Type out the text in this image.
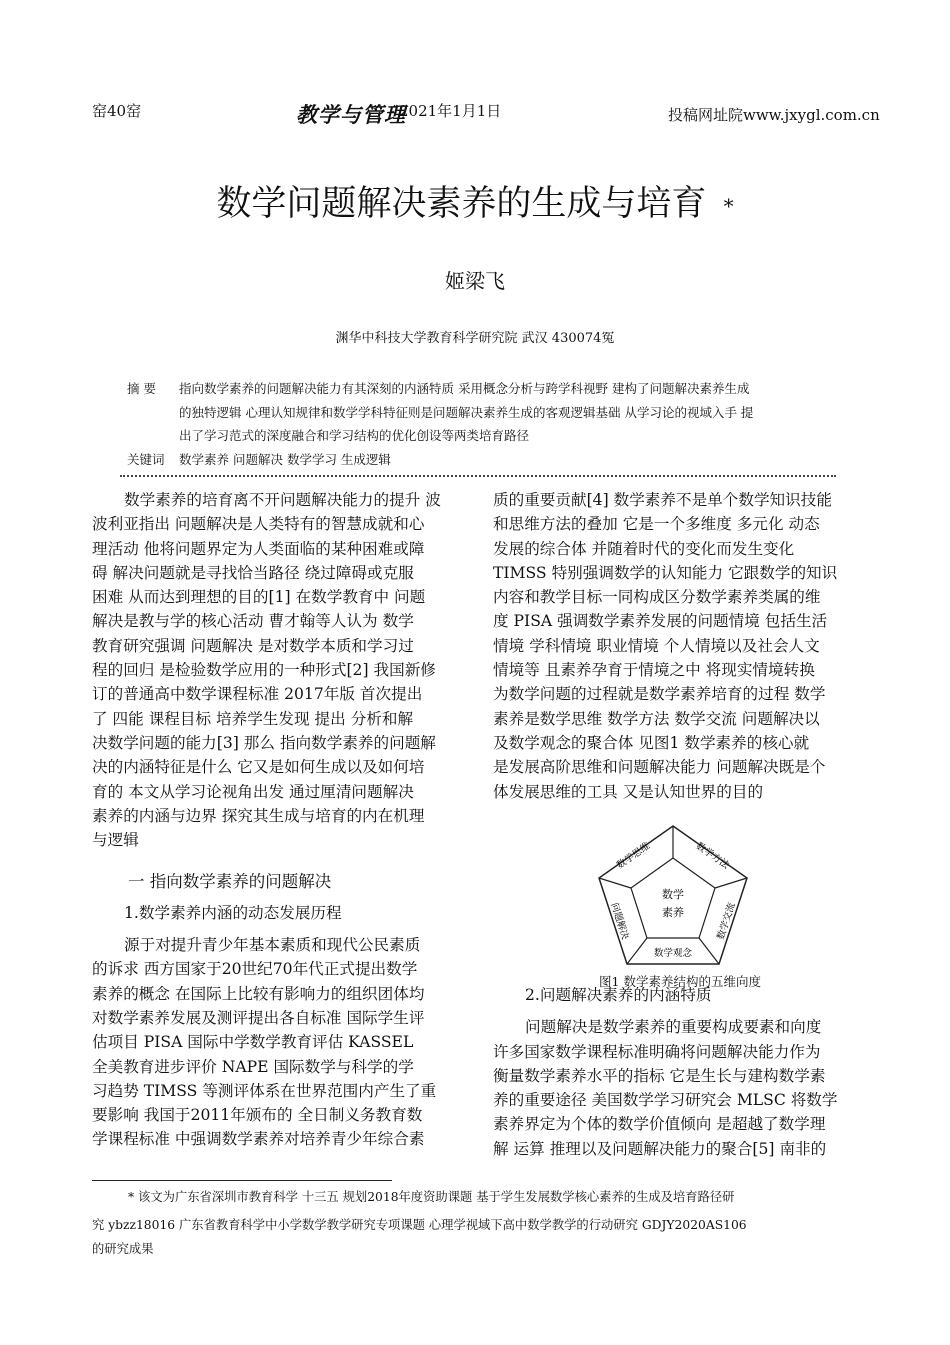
窑40窑	教学与管理
2021年1月1日	投稿网址院www.jxygl.com.cn
数学问题解决素养的生成与培育 *
姬梁飞
渊华中科技大学教育科学研究院 武汉 430074冤
摘 要 指向数学素养的问题解决能力有其深刻的内涵特质 采用概念分析与跨学科视野 建构了问题解决素养生成
的独特逻辑 心理认知规律和数学学科特征则是问题解决素养生成的客观逻辑基础 从学习论的视域入手 提
出了学习范式的深度融合和学习结构的优化创设等两类培育路径
关键词 数学素养 问题解决 数学学习 生成逻辑
数学素养的培育离不开问题解决能力的提升 波
波利亚指出 问题解决是人类特有的智慧成就和心
理活动 他将问题界定为人类面临的某种困难或障
碍 解决问题就是寻找恰当路径 绕过障碍或克服
困难 从而达到理想的目的[1] 在数学教育中 问题
解决是教与学的核心活动 曹才翰等人认为 数学
教育研究强调 问题解决 是对数学本质和学习过
程的回归 是检验数学应用的一种形式[2] 我国新修
订的普通高中数学课程标准 2017年版 首次提出
了 四能 课程目标 培养学生发现 提出 分析和解
决数学问题的能力[3] 那么 指向数学素养的问题解
决的内涵特征是什么 它又是如何生成以及如何培
育的 本文从学习论视角出发 通过厘清问题解决
素养的内涵与边界 探究其生成与培育的内在机理
与逻辑
一 指向数学素养的问题解决
1.数学素养内涵的动态发展历程
源于对提升青少年基本素质和现代公民素质
的诉求 西方国家于20世纪70年代正式提出数学
素养的概念 在国际上比较有影响力的组织团体均
对数学素养发展及测评提出各自标准 国际学生评
估项目 PISA 国际中学数学教育评估 KASSEL
全美教育进步评价 NAPE 国际数学与科学的学
习趋势 TIMSS 等测评体系在世界范围内产生了重
要影响 我国于2011年颁布的 全日制义务教育数
学课程标准 中强调数学素养对培养青少年综合素
质的重要贡献[4] 数学素养不是单个数学知识技能
和思维方法的叠加 它是一个多维度 多元化 动态
发展的综合体 并随着时代的变化而发生变化
TIMSS 特别强调数学的认知能力 它跟数学的知识
内容和教学目标一同构成区分数学素养类属的维
度 PISA 强调数学素养发展的问题情境 包括生活
情境 学科情境 职业情境 个人情境以及社会人文
情境等 且素养孕育于情境之中 将现实情境转换
为数学问题的过程就是数学素养培育的过程 数学
素养是数学思维 数学方法 数学交流 问题解决以
及数学观念的聚合体 见图1 数学素养的核心就
是发展高阶思维和问题解决能力 问题解决既是个
体发展思维的工具 又是认知世界的目的
数学
素养
数学思维	数学方法
数学交流
数学观念
问题解决
图1 数学素养结构的五维向度
2.问题解决素养的内涵特质
问题解决是数学素养的重要构成要素和向度
许多国家数学课程标准明确将问题解决能力作为
衡量数学素养水平的指标 它是生长与建构数学素
养的重要途径 美国数学学习研究会 MLSC 将数学
素养界定为个体的数学价值倾向 是超越了数学理
解 运算 推理以及问题解决能力的聚合[5] 南非的
* 该文为广东省深圳市教育科学 十三五 规划2018年度资助课题 基于学生发展数学核心素养的生成及培育路径研
究 ybzz18016 广东省教育科学中小学数学教学研究专项课题 心理学视域下高中数学教学的行动研究 GDJY2020AS106
的研究成果
